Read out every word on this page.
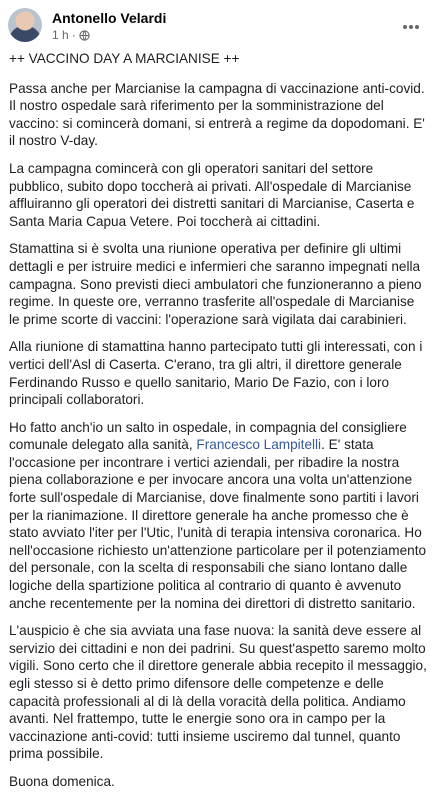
Antonello Velardi
1 h ·

++ VACCINO DAY A MARCIANISE ++

Passa anche per Marcianise la campagna di vaccinazione anti-covid. Il nostro ospedale sarà riferimento per la somministrazione del vaccino: si comincerà domani, si entrerà a regime da dopodomani. E' il nostro V-day.

La campagna comincerà con gli operatori sanitari del settore pubblico, subito dopo toccherà ai privati. All'ospedale di Marcianise affluiranno gli operatori dei distretti sanitari di Marcianise, Caserta e Santa Maria Capua Vetere. Poi toccherà ai cittadini.

Stamattina si è svolta una riunione operativa per definire gli ultimi dettagli e per istruire medici e infermieri che saranno impegnati nella campagna. Sono previsti dieci ambulatori che funzioneranno a pieno regime. In queste ore, verranno trasferite all'ospedale di Marcianise le prime scorte di vaccini: l'operazione sarà vigilata dai carabinieri.

Alla riunione di stamattina hanno partecipato tutti gli interessati, con i vertici dell'Asl di Caserta. C'erano, tra gli altri, il direttore generale Ferdinando Russo e quello sanitario, Mario De Fazio, con i loro principali collaboratori.

Ho fatto anch'io un salto in ospedale, in compagnia del consigliere comunale delegato alla sanità, Francesco Lampitelli. E' stata l'occasione per incontrare i vertici aziendali, per ribadire la nostra piena collaborazione e per invocare ancora una volta un'attenzione forte sull'ospedale di Marcianise, dove finalmente sono partiti i lavori per la rianimazione. Il direttore generale ha anche promesso che è stato avviato l'iter per l'Utic, l'unità di terapia intensiva coronarica. Ho nell'occasione richiesto un'attenzione particolare per il potenziamento del personale, con la scelta di responsabili che siano lontano dalle logiche della spartizione politica al contrario di quanto è avvenuto anche recentemente per la nomina dei direttori di distretto sanitario.

L'auspicio è che sia avviata una fase nuova: la sanità deve essere al servizio dei cittadini e non dei padrini. Su quest'aspetto saremo molto vigili. Sono certo che il direttore generale abbia recepito il messaggio, egli stesso si è detto primo difensore delle competenze e delle capacità professionali al di là della voracità della politica. Andiamo avanti. Nel frattempo, tutte le energie sono ora in campo per la vaccinazione anti-covid: tutti insieme usciremo dal tunnel, quanto prima possibile.

Buona domenica.
